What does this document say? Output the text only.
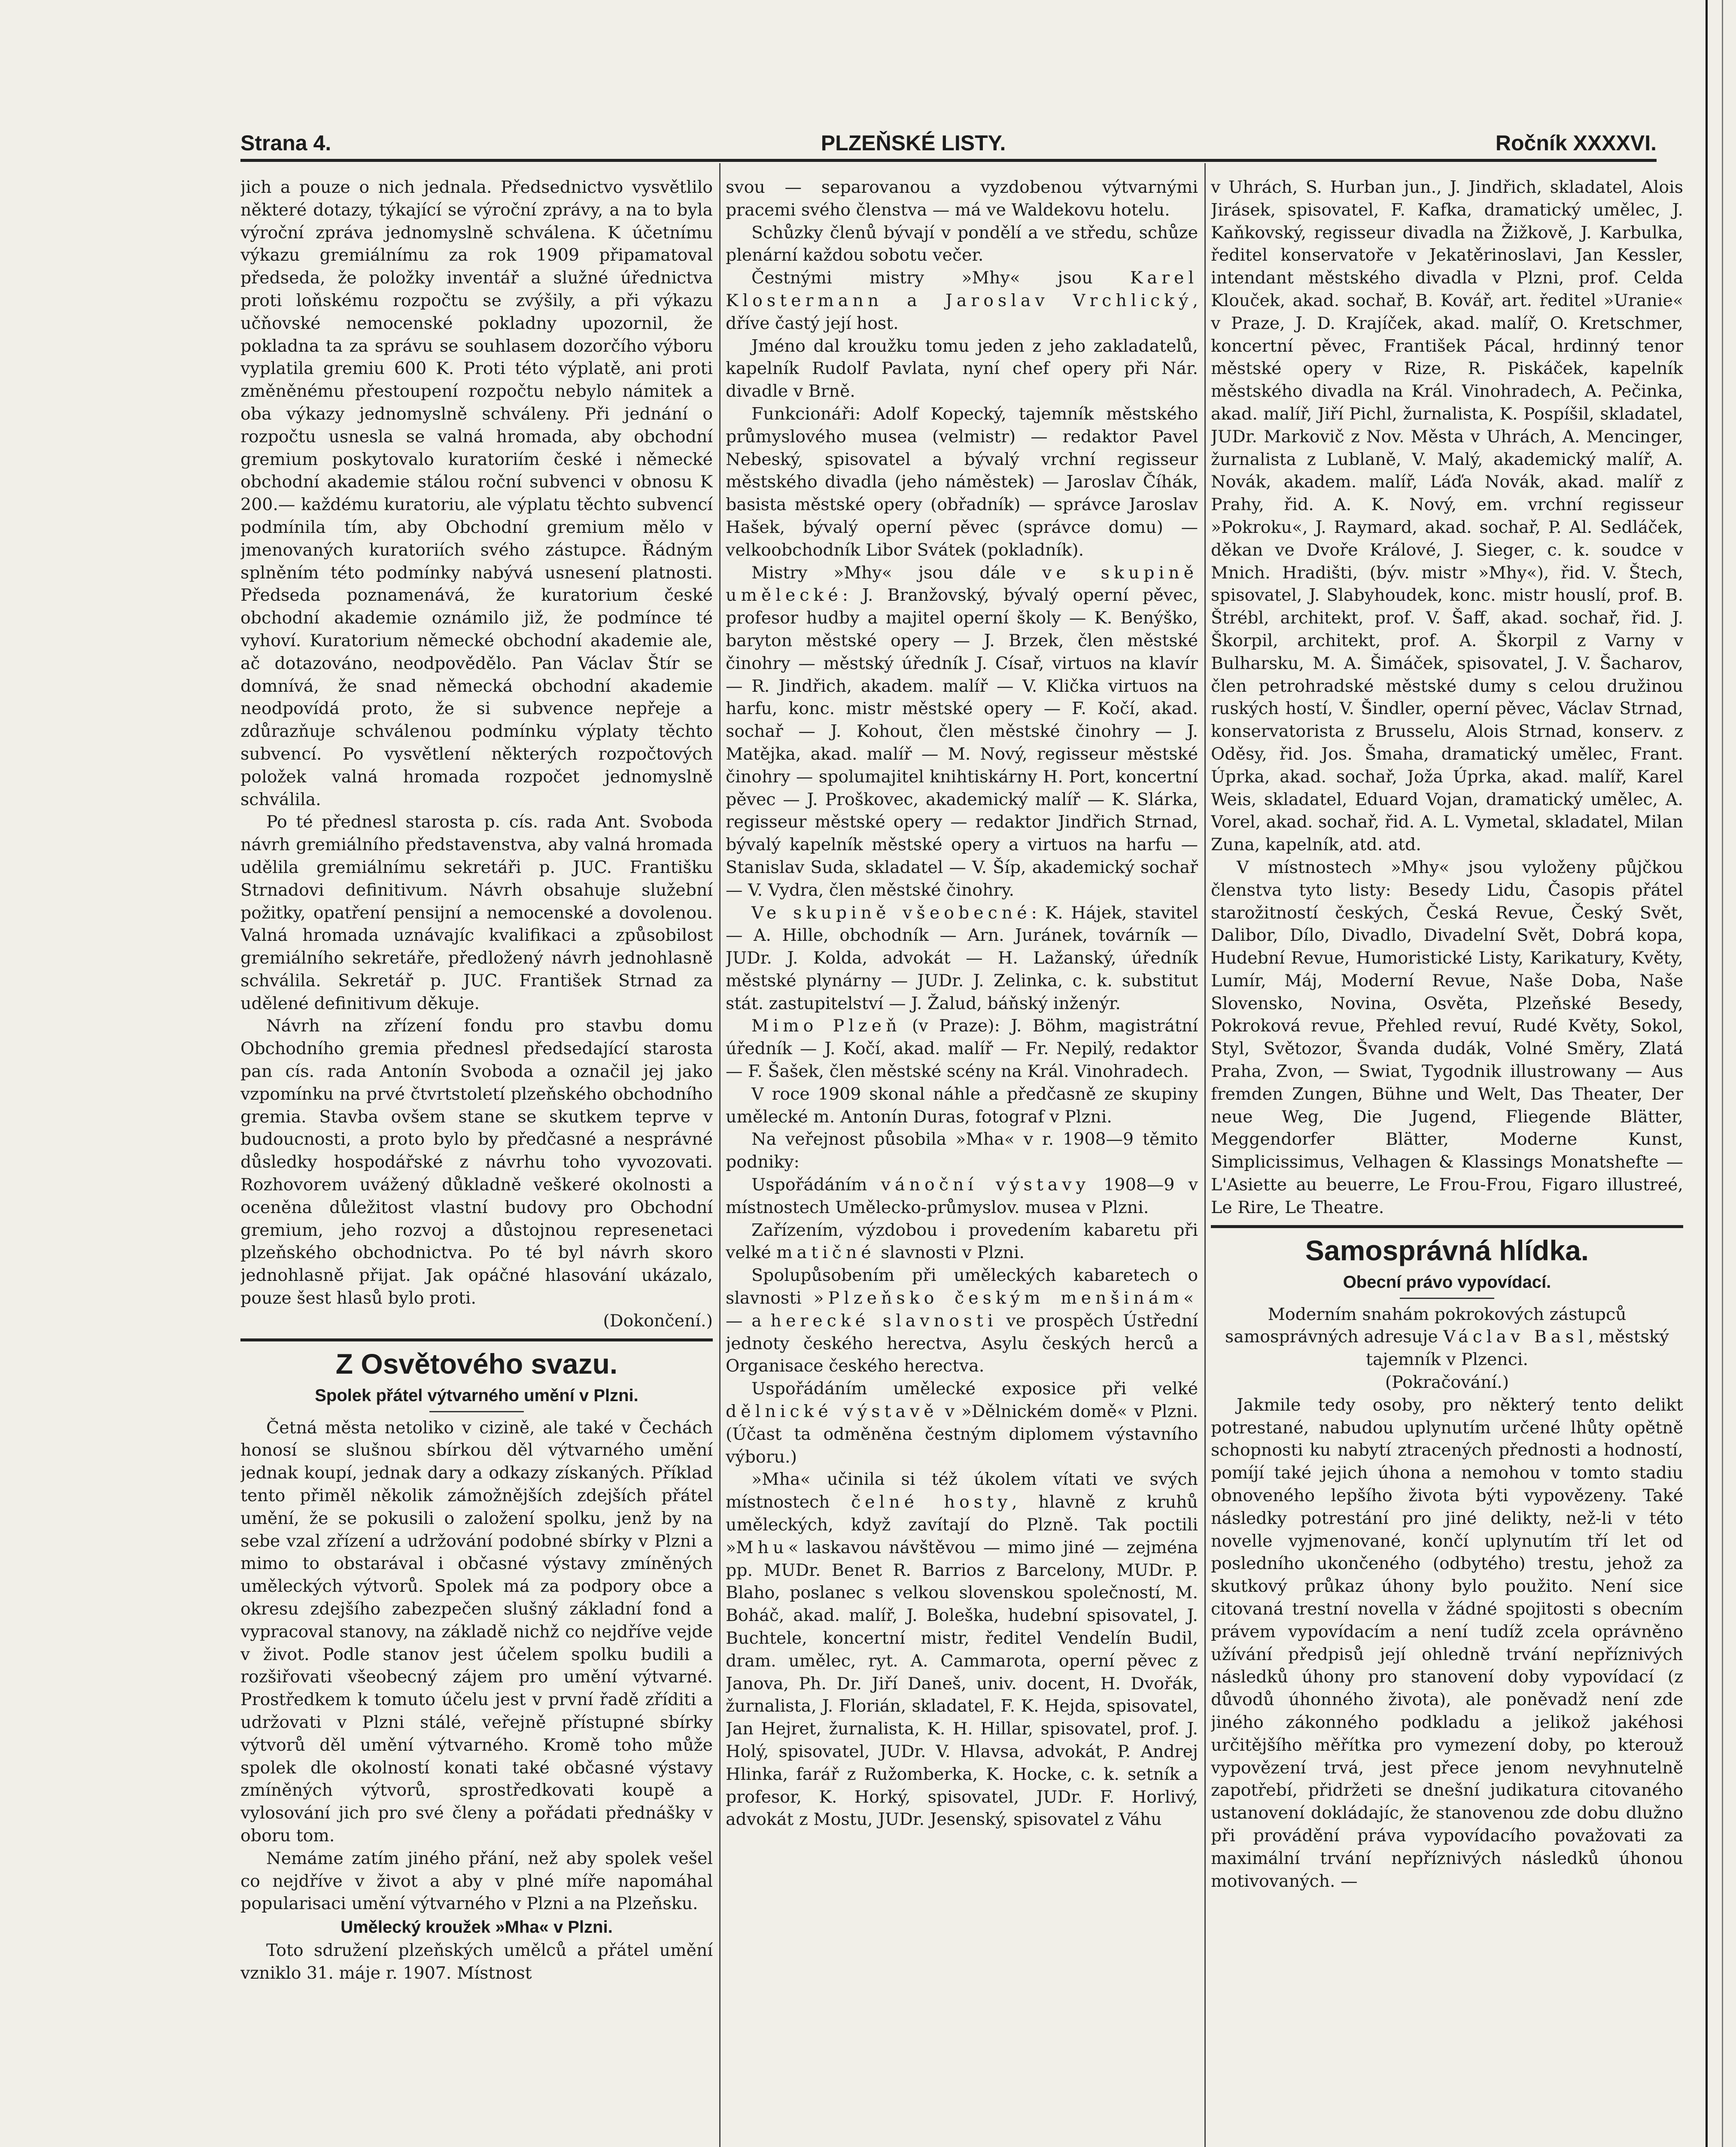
Strana 4.	PLZEŇSKÉ LISTY.	Ročník XXXXVI.

jich a pouze o nich jednala. Předsednictvo vysvětlilo některé dotazy, týkající se výroční zprávy, a na to byla výroční zpráva jednomyslně schválena. K účetnímu výkazu gremiálnímu za rok 1909 připamatoval předseda, že položky inventář a služné úřednictva proti loňskému rozpočtu se zvýšily, a při výkazu učňovské nemocenské pokladny upozornil, že pokladna ta za správu se souhlasem dozorčího výboru vyplatila gremiu 600 K. Proti této výplatě, ani proti změněnému přestoupení rozpočtu nebylo námitek a oba výkazy jednomyslně schváleny. Při jednání o rozpočtu usnesla se valná hromada, aby obchodní gremium poskytovalo kuratoriím české i německé obchodní akademie stálou roční subvenci v obnosu K 200.— každému kuratoriu, ale výplatu těchto subvencí podmínila tím, aby Obchodní gremium mělo v jmenovaných kuratoriích svého zástupce. Řádným splněním této podmínky nabývá usnesení platnosti. Předseda poznamenává, že kuratorium české obchodní akademie oznámilo již, že podmínce té vyhoví. Kuratorium německé obchodní akademie ale, ač dotazováno, neodpovědělo. Pan Václav Štír se domnívá, že snad německá obchodní akademie neodpovídá proto, že si subvence nepřeje a zdůrazňuje schválenou podmínku výplaty těchto subvencí. Po vysvětlení některých rozpočtových položek valná hromada rozpočet jednomyslně schválila.

Po té přednesl starosta p. cís. rada Ant. Svoboda návrh gremiálního představenstva, aby valná hromada udělila gremiálnímu sekretáři p. JUC. Františku Strnadovi definitivum. Návrh obsahuje služební požitky, opatření pensijní a nemocenské a dovolenou. Valná hromada uznávajíc kvalifikaci a způsobilost gremiálního sekretáře, předložený návrh jednohlasně schválila. Sekretář p. JUC. František Strnad za udělené definitivum děkuje.

Návrh na zřízení fondu pro stavbu domu Obchodního gremia přednesl předsedající starosta pan cís. rada Antonín Svoboda a označil jej jako vzpomínku na prvé čtvrtstoletí plzeňského obchodního gremia. Stavba ovšem stane se skutkem teprve v budoucnosti, a proto bylo by předčasné a nesprávné důsledky hospodářské z návrhu toho vyvozovati. Rozhovorem uvážený důkladně veškeré okolnosti a oceněna důležitost vlastní budovy pro Obchodní gremium, jeho rozvoj a důstojnou represenetaci plzeňského obchodnictva. Po té byl návrh skoro jednohlasně přijat. Jak opáčné hlasování ukázalo, pouze šest hlasů bylo proti.

(Dokončení.)

Z Osvětového svazu.
Spolek přátel výtvarného umění v Plzni.

Četná města netoliko v cizině, ale také v Čechách honosí se slušnou sbírkou děl výtvarného umění jednak koupí, jednak dary a odkazy získaných. Příklad tento přiměl několik zámožnějších zdejších přátel umění, že se pokusili o založení spolku, jenž by na sebe vzal zřízení a udržování podobné sbírky v Plzni a mimo to obstarával i občasné výstavy zmíněných uměleckých výtvorů. Spolek má za podpory obce a okresu zdejšího zabezpečen slušný základní fond a vypracoval stanovy, na základě nichž co nejdříve vejde v život. Podle stanov jest účelem spolku budili a rozšiřovati všeobecný zájem pro umění výtvarné. Prostředkem k tomuto účelu jest v první řadě zříditi a udržovati v Plzni stálé, veřejně přístupné sbírky výtvorů děl umění výtvarného. Kromě toho může spolek dle okolností konati také občasné výstavy zmíněných výtvorů, sprostředkovati koupě a vylosování jich pro své členy a pořádati přednášky v oboru tom.

Nemáme zatím jiného přání, než aby spolek vešel co nejdříve v život a aby v plné míře napomáhal popularisaci umění výtvarného v Plzni a na Plzeňsku.

Umělecký kroužek »Mha« v Plzni.

Toto sdružení plzeňských umělců a přátel umění vzniklo 31. máje r. 1907. Místnost

svou — separovanou a vyzdobenou výtvarnými pracemi svého členstva — má ve Waldekovu hotelu.

Schůzky členů bývají v pondělí a ve středu, schůze plenární každou sobotu večer.

Čestnými mistry »Mhy« jsou Karel Klostermann a Jaroslav Vrchlický, dříve častý její host.

Jméno dal kroužku tomu jeden z jeho zakladatelů, kapelník Rudolf Pavlata, nyní chef opery při Nár. divadle v Brně.

Funkcionáři: Adolf Kopecký, tajemník městského průmyslového musea (velmistr) — redaktor Pavel Nebeský, spisovatel a bývalý vrchní regisseur městského divadla (jeho náměstek) — Jaroslav Číhák, basista městské opery (obřadník) — správce Jaroslav Hašek, bývalý operní pěvec (správce domu) — velkoobchodník Libor Svátek (pokladník).

Mistry »Mhy« jsou dále ve skupině umělecké: J. Branžovský, bývalý operní pěvec, profesor hudby a majitel operní školy — K. Benýško, baryton městské opery — J. Brzek, člen městské činohry — městský úředník J. Císař, virtuos na klavír — R. Jindřich, akadem. malíř — V. Klička virtuos na harfu, konc. mistr městské opery — F. Kočí, akad. sochař — J. Kohout, člen městské činohry — J. Matějka, akad. malíř — M. Nový, regisseur městské činohry — spolumajitel knihtiskárny H. Port, koncertní pěvec — J. Proškovec, akademický malíř — K. Slárka, regisseur městské opery — redaktor Jindřich Strnad, bývalý kapelník městské opery a virtuos na harfu — Stanislav Suda, skladatel — V. Šíp, akademický sochař — V. Vydra, člen městské činohry.

Ve skupině všeobecné: K. Hájek, stavitel — A. Hille, obchodník — Arn. Juránek, továrník — JUDr. J. Kolda, advokát — H. Lažanský, úředník městské plynárny — JUDr. J. Zelinka, c. k. substitut stát. zastupitelství — J. Žalud, báňský inženýr.

Mimo Plzeň (v Praze): J. Böhm, magistrátní úředník — J. Kočí, akad. malíř — Fr. Nepilý, redaktor — F. Šašek, člen městské scény na Král. Vinohradech.

V roce 1909 skonal náhle a předčasně ze skupiny umělecké m. Antonín Duras, fotograf v Plzni.

Na veřejnost působila »Mha« v r. 1908—9 těmito podniky:

Uspořádáním vánoční výstavy 1908—9 v místnostech Umělecko-průmyslov. musea v Plzni.

Zařízením, výzdobou i provedením kabaretu při velké matičné slavnosti v Plzni.

Spolupůsobením při uměleckých kabaretech o slavnosti »Plzeňsko českým menšinám« — a herecké slavnosti ve prospěch Ústřední jednoty českého herectva, Asylu českých herců a Organisace českého herectva.

Uspořádáním umělecké exposice při velké dělnické výstavě v »Dělnickém domě« v Plzni. (Účast ta odměněna čestným diplomem výstavního výboru.)

»Mha« učinila si též úkolem vítati ve svých místnostech čelné hosty, hlavně z kruhů uměleckých, když zavítají do Plzně. Tak poctili »Mhu« laskavou návštěvou — mimo jiné — zejména pp. MUDr. Benet R. Barrios z Barcelony, MUDr. P. Blaho, poslanec s velkou slovenskou společností, M. Boháč, akad. malíř, J. Boleška, hudební spisovatel, J. Buchtele, koncertní mistr, ředitel Vendelín Budil, dram. umělec, ryt. A. Cammarota, operní pěvec z Janova, Ph. Dr. Jiří Daneš, univ. docent, H. Dvořák, žurnalista, J. Florián, skladatel, F. K. Hejda, spisovatel, Jan Hejret, žurnalista, K. H. Hillar, spisovatel, prof. J. Holý, spisovatel, JUDr. V. Hlavsa, advokát, P. Andrej Hlinka, farář z Ružomberka, K. Hocke, c. k. setník a profesor, K. Horký, spisovatel, JUDr. F. Horlivý, advokát z Mostu, JUDr. Jesenský, spisovatel z Váhu

v Uhrách, S. Hurban jun., J. Jindřich, skladatel, Alois Jirásek, spisovatel, F. Kafka, dramatický umělec, J. Kaňkovský, regisseur divadla na Žižkově, J. Karbulka, ředitel konservatoře v Jekatěrinoslavi, Jan Kessler, intendant městského divadla v Plzni, prof. Celda Klouček, akad. sochař, B. Kovář, art. ředitel »Uranie« v Praze, J. D. Krajíček, akad. malíř, O. Kretschmer, koncertní pěvec, František Pácal, hrdinný tenor městské opery v Rize, R. Piskáček, kapelník městského divadla na Král. Vinohradech, A. Pečinka, akad. malíř, Jiří Pichl, žurnalista, K. Pospíšil, skladatel, JUDr. Markovič z Nov. Města v Uhrách, A. Mencinger, žurnalista z Lublaně, V. Malý, akademický malíř, A. Novák, akadem. malíř, Láďa Novák, akad. malíř z Prahy, řid. A. K. Nový, em. vrchní regisseur »Pokroku«, J. Raymard, akad. sochař, P. Al. Sedláček, děkan ve Dvoře Králové, J. Sieger, c. k. soudce v Mnich. Hradišti, (býv. mistr »Mhy«), řid. V. Štech, spisovatel, J. Slabyhoudek, konc. mistr houslí, prof. B. Štrébl, architekt, prof. V. Šaff, akad. sochař, řid. J. Škorpil, architekt, prof. A. Škorpil z Varny v Bulharsku, M. A. Šimáček, spisovatel, J. V. Šacharov, člen petrohradské městské dumy s celou družinou ruských hostí, V. Šindler, operní pěvec, Václav Strnad, konservatorista z Brusselu, Alois Strnad, konserv. z Oděsy, řid. Jos. Šmaha, dramatický umělec, Frant. Úprka, akad. sochař, Joža Úprka, akad. malíř, Karel Weis, skladatel, Eduard Vojan, dramatický umělec, A. Vorel, akad. sochař, řid. A. L. Vymetal, skladatel, Milan Zuna, kapelník, atd. atd.

V místnostech »Mhy« jsou vyloženy půjčkou členstva tyto listy: Besedy Lidu, Časopis přátel starožitností českých, Česká Revue, Český Svět, Dalibor, Dílo, Divadlo, Divadelní Svět, Dobrá kopa, Hudební Revue, Humoristické Listy, Karikatury, Květy, Lumír, Máj, Moderní Revue, Naše Doba, Naše Slovensko, Novina, Osvěta, Plzeňské Besedy, Pokroková revue, Přehled revuí, Rudé Květy, Sokol, Styl, Světozor, Švanda dudák, Volné Směry, Zlatá Praha, Zvon, — Swiat, Tygodnik illustrowany — Aus fremden Zungen, Bühne und Welt, Das Theater, Der neue Weg, Die Jugend, Fliegende Blätter, Meggendorfer Blätter, Moderne Kunst, Simplicissimus, Velhagen & Klassings Monatshefte — L'Asiette au beuerre, Le Frou-Frou, Figaro illustreé, Le Rire, Le Theatre.

Samosprávná hlídka.
Obecní právo vypovídací.

Moderním snahám pokrokových zástupců samosprávných adresuje Václav Basl, městský tajemník v Plzenci.

(Pokračování.)

Jakmile tedy osoby, pro některý tento delikt potrestané, nabudou uplynutím určené lhůty opětně schopnosti ku nabytí ztracených přednosti a hodností, pomíjí také jejich úhona a nemohou v tomto stadiu obnoveného lepšího života býti vypovězeny. Také následky potrestání pro jiné delikty, než-li v této novelle vyjmenované, končí uplynutím tří let od posledního ukončeného (odbytého) trestu, jehož za skutkový průkaz úhony bylo použito. Není sice citovaná trestní novella v žádné spojitosti s obecním právem vypovídacím a není tudíž zcela oprávněno užívání předpisů její ohledně trvání nepříznivých následků úhony pro stanovení doby vypovídací (z důvodů úhonného života), ale poněvadž není zde jiného zákonného podkladu a jelikož jakéhosi určitějšího měřítka pro vymezení doby, po kterouž vypovězení trvá, jest přece jenom nevyhnutelně zapotřebí, přidržeti se dnešní judikatura citovaného ustanovení dokládajíc, že stanovenou zde dobu dlužno při provádění práva vypovídacího považovati za maximální trvání nepříznivých následků úhonou motivovaných. —
